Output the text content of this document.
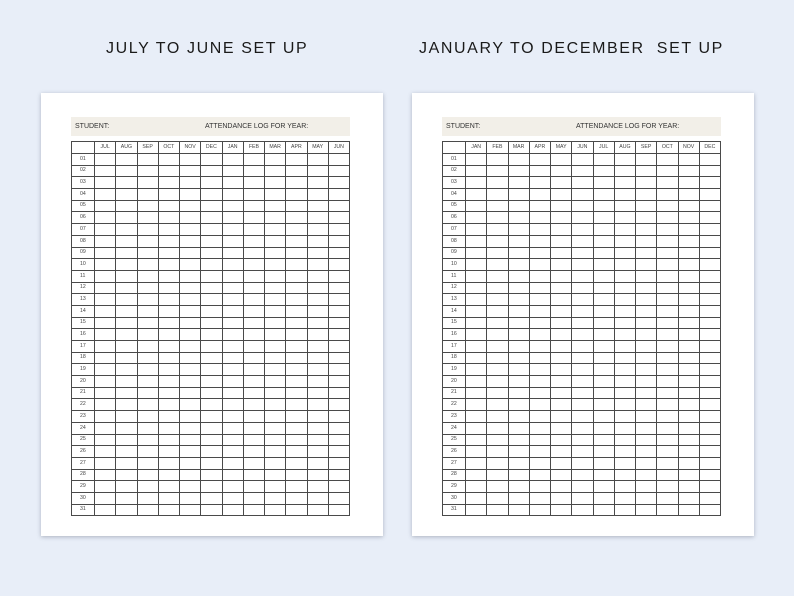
JULY TO JUNE SET UP	JANUARY TO DECEMBER  SET UP
STUDENT:	ATTENDANCE LOG FOR YEAR:
	JUL	AUG	SEP	OCT	NOV	DEC	JAN	FEB	MAR	APR	MAY	JUN
01												
02												
03												
04												
05												
06												
07												
08												
09												
10												
11												
12												
13												
14												
15												
16												
17												
18												
19												
20												
21												
22												
23												
24												
25												
26												
27												
28												
29												
30												
31												
STUDENT:	ATTENDANCE LOG FOR YEAR:
	JAN	FEB	MAR	APR	MAY	JUN	JUL	AUG	SEP	OCT	NOV	DEC
01												
02												
03												
04												
05												
06												
07												
08												
09												
10												
11												
12												
13												
14												
15												
16												
17												
18												
19												
20												
21												
22												
23												
24												
25												
26												
27												
28												
29												
30												
31												
